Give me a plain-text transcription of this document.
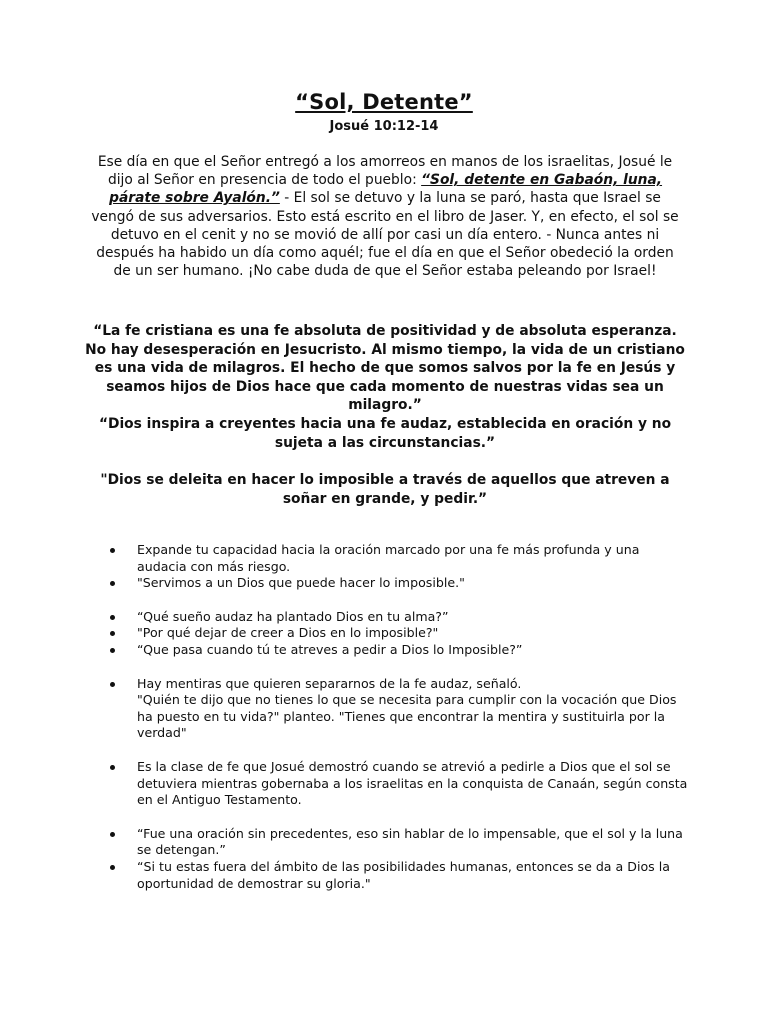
“Sol, Detente”
Josué 10:12-14
Ese día en que el Señor entregó a los amorreos en manos de los israelitas, Josué le dijo al Señor en presencia de todo el pueblo: “Sol, detente en Gabaón, luna, párate sobre Ayalón.” - El sol se detuvo y la luna se paró, hasta que Israel se vengó de sus adversarios. Esto está escrito en el libro de Jaser. Y, en efecto, el sol se detuvo en el cenit y no se movió de allí por casi un día entero. - Nunca antes ni después ha habido un día como aquél; fue el día en que el Señor obedeció la orden de un ser humano. ¡No cabe duda de que el Señor estaba peleando por Israel!
“La fe cristiana es una fe absoluta de positividad y de absoluta esperanza. No hay desesperación en Jesucristo. Al mismo tiempo, la vida de un cristiano es una vida de milagros. El hecho de que somos salvos por la fe en Jesús y seamos hijos de Dios hace que cada momento de nuestras vidas sea un milagro.”
“Dios inspira a creyentes hacia una fe audaz, establecida en oración y no sujeta a las circunstancias.”
"Dios se deleita en hacer lo imposible a través de aquellos que atreven a soñar en grande, y pedir.”

Expande tu capacidad hacia la oración marcado por una fe más profunda y una audacia con más riesgo.

"Servimos a un Dios que puede hacer lo imposible."

“Qué sueño audaz ha plantado Dios en tu alma?”

"Por qué dejar de creer a Dios en lo imposible?"

“Que pasa cuando tú te atreves a pedir a Dios lo Imposible?”

Hay mentiras que quieren separarnos de la fe audaz, señaló.

"Quién te dijo que no tienes lo que se necesita para cumplir con la vocación que Dios ha puesto en tu vida?" planteo. "Tienes que encontrar la mentira y sustituirla por la verdad"

Es la clase de fe que Josué demostró cuando se atrevió a pedirle a Dios que el sol se detuviera mientras gobernaba a los israelitas en la conquista de Canaán, según consta en el Antiguo Testamento.

“Fue una oración sin precedentes, eso sin hablar de lo impensable, que el sol y la luna se detengan.”

“Si tu estas fuera del ámbito de las posibilidades humanas, entonces se da a Dios la oportunidad de demostrar su gloria."
